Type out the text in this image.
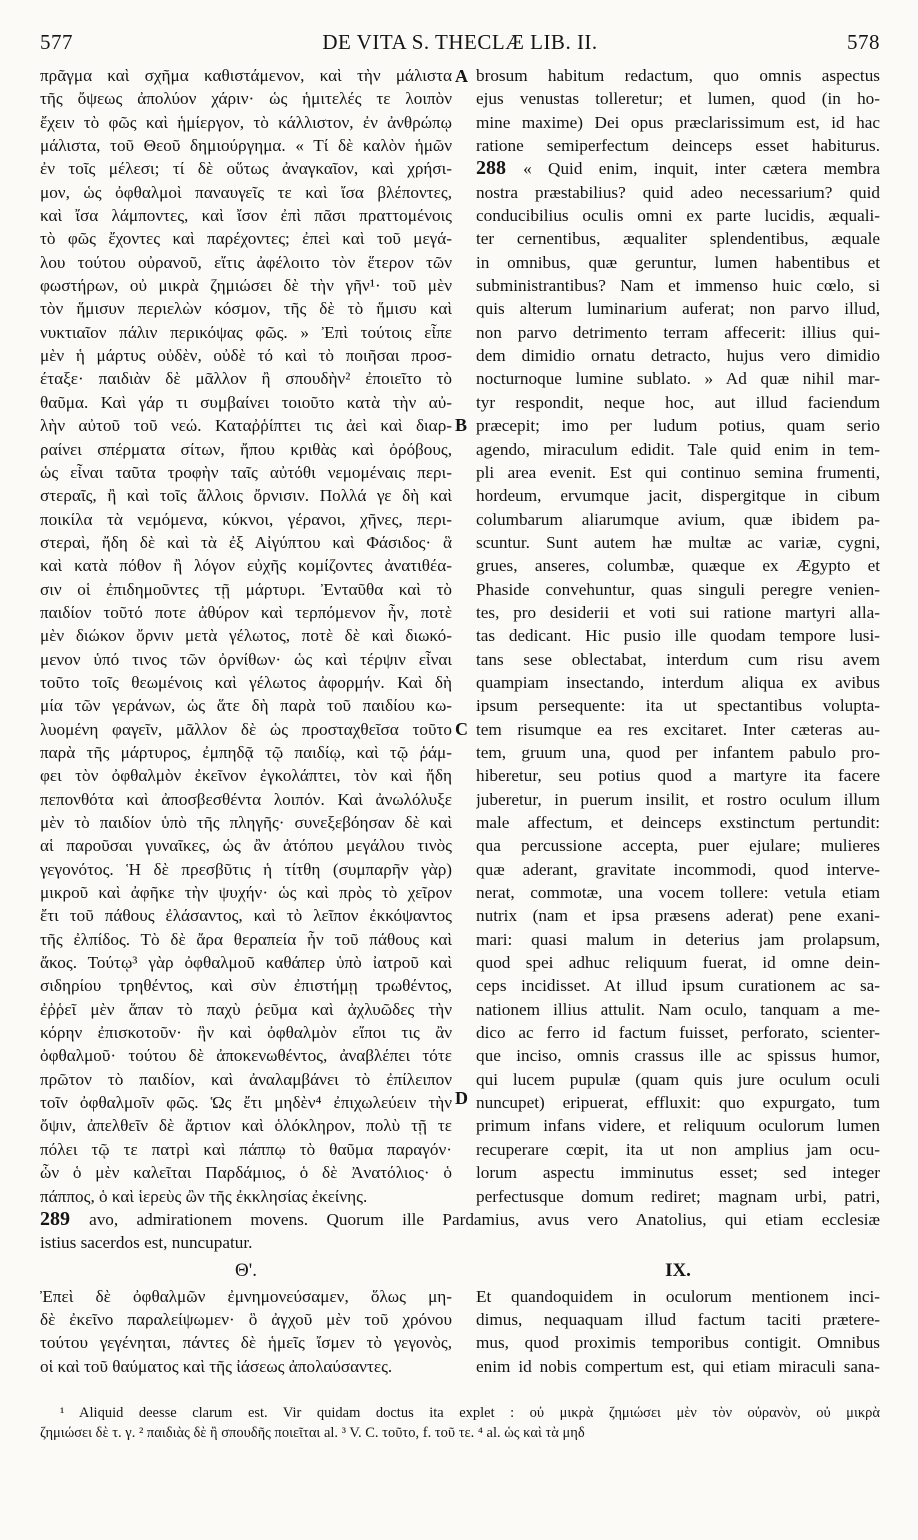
577	DE VITA S. THECLÆ LIB. II.	578
πρᾶγμα καὶ σχῆμα καθιστάμενον, καὶ τὴν μάλιστα
τῆς ὄψεως ἀπολύον χάριν· ὡς ἡμιτελές τε λοιπὸν
ἔχειν τὸ φῶς καὶ ἡμίεργον, τὸ κάλλιστον, ἐν ἀνθρώπῳ
μάλιστα, τοῦ Θεοῦ δημιούργημα. « Τί δὲ καλὸν ἡμῶν
ἐν τοῖς μέλεσι; τί δὲ οὕτως ἀναγκαῖον, καὶ χρήσι-
μον, ὡς ὀφθαλμοὶ παναυγεῖς τε καὶ ἴσα βλέποντες,
καὶ ἴσα λάμποντες, καὶ ἴσον ἐπὶ πᾶσι πραττομένοις
τὸ φῶς ἔχοντες καὶ παρέχοντες; ἐπεὶ καὶ τοῦ μεγά-
λου τούτου οὐρανοῦ, εἴτις ἀφέλοιτο τὸν ἕτερον τῶν
φωστήρων, οὐ μικρὰ ζημιώσει δὲ τὴν γῆν¹· τοῦ μὲν
τὸν ἥμισυν περιελὼν κόσμον, τῆς δὲ τὸ ἥμισυ καὶ
νυκτιαῖον πάλιν περικόψας φῶς. » Ἐπὶ τούτοις εἶπε
μὲν ἡ μάρτυς οὐδὲν, οὐδὲ τό καὶ τὸ ποιῆσαι προσ-
έταξε· παιδιὰν δὲ μᾶλλον ἢ σπουδὴν² ἐποιεῖτο τὸ
θαῦμα. Καὶ γάρ τι συμβαίνει τοιοῦτο κατὰ τὴν αὐ-
λὴν αὐτοῦ τοῦ νεώ. Καταῤῥίπτει τις ἀεὶ καὶ διαρ-
ραίνει σπέρματα σίτων, ἤπου κριθὰς καὶ ὀρόβους,
ὡς εἶναι ταῦτα τροφὴν ταῖς αὐτόθι νεμομέναις περι-
στεραῖς, ἢ καὶ τοῖς ἄλλοις ὄρνισιν. Πολλά γε δὴ καὶ
ποικίλα τὰ νεμόμενα, κύκνοι, γέρανοι, χῆνες, περι-
στεραὶ, ἤδη δὲ καὶ τὰ ἐξ Αἰγύπτου καὶ Φάσιδος· ἃ
καὶ κατὰ πόθον ἢ λόγον εὐχῆς κομίζοντες ἀνατιθέα-
σιν οἱ ἐπιδημοῦντες τῇ μάρτυρι. Ἐνταῦθα καὶ τὸ
παιδίον τοῦτό ποτε ἀθύρον καὶ τερπόμενον ἦν, ποτὲ
μὲν διώκον ὄρνιν μετὰ γέλωτος, ποτὲ δὲ καὶ διωκό-
μενον ὑπό τινος τῶν ὀρνίθων· ὡς καὶ τέρψιν εἶναι
τοῦτο τοῖς θεωμένοις καὶ γέλωτος ἀφορμήν. Καὶ δὴ
μία τῶν γεράνων, ὡς ἅτε δὴ παρὰ τοῦ παιδίου κω-
λυομένη φαγεῖν, μᾶλλον δὲ ὡς προσταχθεῖσα τοῦτο
παρὰ τῆς μάρτυρος, ἐμπηδᾷ τῷ παιδίῳ, καὶ τῷ ῥάμ-
φει τὸν ὀφθαλμὸν ἐκεῖνον ἐγκολάπτει, τὸν καὶ ἤδη
πεπονθότα καὶ ἀποσβεσθέντα λοιπόν. Καὶ ἀνωλόλυξε
μὲν τὸ παιδίον ὑπὸ τῆς πληγῆς· συνεξεβόησαν δὲ καὶ
αἱ παροῦσαι γυναῖκες, ὡς ἂν ἀτόπου μεγάλου τινὸς
γεγονότος. Ἡ δὲ πρεσβῦτις ἡ τίτθη (συμπαρῆν γὰρ)
μικροῦ καὶ ἀφῆκε τὴν ψυχήν· ὡς καὶ πρὸς τὸ χεῖρον
ἔτι τοῦ πάθους ἐλάσαντος, καὶ τὸ λεῖπον ἐκκόψαντος
τῆς ἐλπίδος. Τὸ δὲ ἄρα θεραπεία ἦν τοῦ πάθους καὶ
ἄκος. Τούτῳ³ γὰρ ὀφθαλμοῦ καθάπερ ὑπὸ ἰατροῦ καὶ
σιδηρίου τρηθέντος, καὶ σὺν ἐπιστήμῃ τρωθέντος,
ἐῤῥεῖ μὲν ἅπαν τὸ παχὺ ῥεῦμα καὶ ἀχλυῶδες τὴν
κόρην ἐπισκοτοῦν· ἣν καὶ ὀφθαλμὸν εἴποι τις ἂν
ὀφθαλμοῦ· τούτου δὲ ἀποκενωθέντος, ἀναβλέπει τότε
πρῶτον τὸ παιδίον, καὶ ἀναλαμβάνει τὸ ἐπίλειπον
τοῖν ὀφθαλμοῖν φῶς. Ὡς ἔτι μηδὲν⁴ ἐπιχωλεύειν τὴν
ὄψιν, ἀπελθεῖν δὲ ἄρτιον καὶ ὁλόκληρον, πολὺ τῇ τε
πόλει τῷ τε πατρὶ καὶ πάππῳ τὸ θαῦμα παραγόν·
ὧν ὁ μὲν καλεῖται Παρδάμιος, ὁ δὲ Ἀνατόλιος· ὁ
πάππος, ὁ καὶ ἱερεὺς ὢν τῆς ἐκκλησίας ἐκείνης.
A
B
C
D
brosum habitum redactum, quo omnis aspectus
ejus venustas tolleretur; et lumen, quod (in ho-
mine maxime) Dei opus præclarissimum est, id hac
ratione semiperfectum deinceps esset habiturus.
288 « Quid enim, inquit, inter cætera membra
nostra præstabilius? quid adeo necessarium? quid
conducibilius oculis omni ex parte lucidis, æquali-
ter cernentibus, æqualiter splendentibus, æquale
in omnibus, quæ geruntur, lumen habentibus et
subministrantibus? Nam et immenso huic cœlo, si
quis alterum luminarium auferat; non parvo illud,
non parvo detrimento terram affecerit: illius qui-
dem dimidio ornatu detracto, hujus vero dimidio
nocturnoque lumine sublato. » Ad quæ nihil mar-
tyr respondit, neque hoc, aut illud faciendum
præcepit; imo per ludum potius, quam serio
agendo, miraculum edidit. Tale quid enim in tem-
pli area evenit. Est qui continuo semina frumenti,
hordeum, ervumque jacit, dispergitque in cibum
columbarum aliarumque avium, quæ ibidem pa-
scuntur. Sunt autem hæ multæ ac variæ, cygni,
grues, anseres, columbæ, quæque ex Ægypto et
Phaside convehuntur, quas singuli peregre venien-
tes, pro desiderii et voti sui ratione martyri alla-
tas dedicant. Hic pusio ille quodam tempore lusi-
tans sese oblectabat, interdum cum risu avem
quampiam insectando, interdum aliqua ex avibus
ipsum persequente: ita ut spectantibus volupta-
tem risumque ea res excitaret. Inter cæteras au-
tem, gruum una, quod per infantem pabulo pro-
hiberetur, seu potius quod a martyre ita facere
juberetur, in puerum insilit, et rostro oculum illum
male affectum, et deinceps exstinctum pertundit:
qua percussione accepta, puer ejulare; mulieres
quæ aderant, gravitate incommodi, quod interve-
nerat, commotæ, una vocem tollere: vetula etiam
nutrix (nam et ipsa præsens aderat) pene exani-
mari: quasi malum in deterius jam prolapsum,
quod spei adhuc reliquum fuerat, id omne dein-
ceps incidisset. At illud ipsum curationem ac sa-
nationem illius attulit. Nam oculo, tanquam a me-
dico ac ferro id factum fuisset, perforato, scienter-
que inciso, omnis crassus ille ac spissus humor,
qui lucem pupulæ (quam quis jure oculum oculi
nuncupet) eripuerat, effluxit: quo expurgato, tum
primum infans videre, et reliquum oculorum lumen
recuperare cœpit, ita ut non amplius jam ocu-
lorum aspectu imminutus esset; sed integer
perfectusque domum rediret; magnam urbi, patri,
289 avo, admirationem movens. Quorum ille Pardamius, avus vero Anatolius, qui etiam ecclesiæ
istius sacerdos est, nuncupatur.
Θ'.	IX.
Ἐπεὶ δὲ ὀφθαλμῶν ἐμνημονεύσαμεν, ὅλως μη-
δὲ ἐκεῖνο παραλείψωμεν· ὃ ἀγχοῦ μὲν τοῦ χρόνου
τούτου γεγένηται, πάντες δὲ ἡμεῖς ἴσμεν τὸ γεγονὸς,
οἱ καὶ τοῦ θαύματος καὶ τῆς ἰάσεως ἀπολαύσαντες.
Et quandoquidem in oculorum mentionem inci-
dimus, nequaquam illud factum taciti prætere-
mus, quod proximis temporibus contigit. Omnibus
enim id nobis compertum est, qui etiam miraculi sana-
¹ Aliquid deesse clarum est. Vir quidam doctus ita explet : οὐ μικρὰ ζημιώσει μὲν τὸν οὐρανὸν, οὐ μικρὰ
ζημιώσει δὲ τ. γ. ² παιδιὰς δὲ ἢ σπουδῆς ποιεῖται al. ³ V. C. τοῦτο, f. τοῦ τε. ⁴ al. ὡς καὶ τὰ μηδ
